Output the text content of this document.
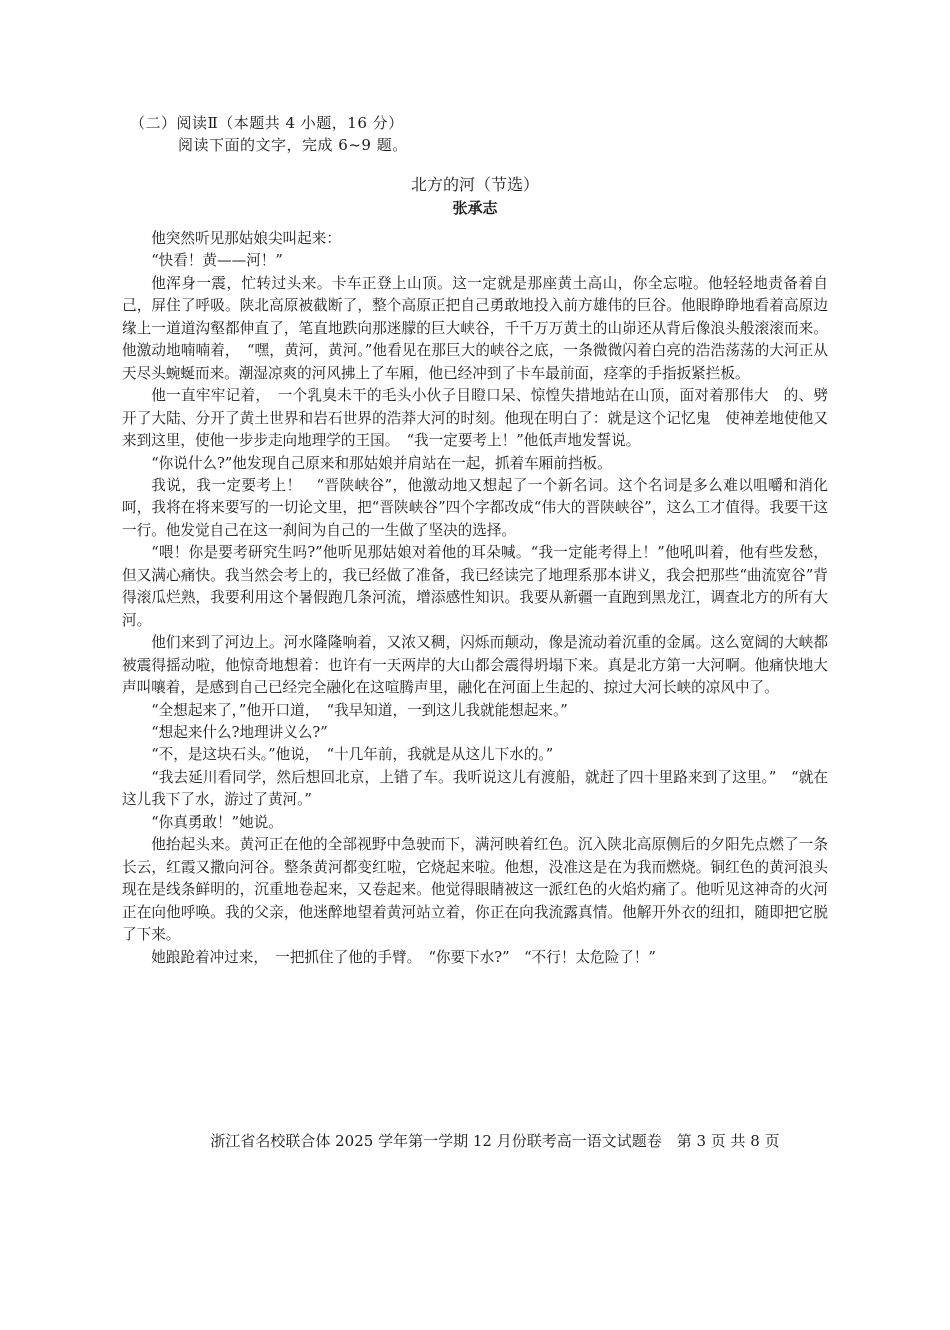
（二）阅读Ⅱ（本题共 4 小题，16 分）
阅读下面的文字，完成 6~9 题。
北方的河（节选）
张承志

他突然听见那姑娘尖叫起来：

“快看！黄——河！”

他浑身一震，忙转过头来。卡车正登上山顶。这一定就是那座黄土高山，你全忘啦。他轻轻地责备着自己，屏住了呼吸。陕北高原被截断了，整个高原正把自己勇敢地投入前方雄伟的巨谷。他眼睁睁地看着高原边缘上一道道沟壑都伸直了，笔直地跌向那迷朦的巨大峡谷，千千万万黄土的山峁还从背后像浪头般滚滚而来。他激动地喃喃着，　“嘿，黄河，黄河。”他看见在那巨大的峡谷之底，一条微微闪着白亮的浩浩荡荡的大河正从天尽头蜿蜒而来。潮湿凉爽的河风拂上了车厢，他已经冲到了卡车最前面，痉挛的手指扳紧拦板。

他一直牢牢记着，　一个乳臭未干的毛头小伙子目瞪口呆、惊惶失措地站在山顶，面对着那伟大　的、劈开了大陆、分开了黄土世界和岩石世界的浩莽大河的时刻。他现在明白了：就是这个记忆鬼　使神差地使他又来到这里，使他一步步走向地理学的王国。　“我一定要考上！”他低声地发誓说。

“你说什么?”他发现自己原来和那姑娘并肩站在一起，抓着车厢前挡板。

我说，我一定要考上！　“晋陕峡谷”，他激动地又想起了一个新名词。这个名词是多么难以咀嚼和消化呵，我将在将来要写的一切论文里，把“晋陕峡谷”四个字都改成“伟大的晋陕峡谷”，这么工才值得。我要干这一行。他发觉自己在这一刹间为自己的一生做了坚决的选择。

“喂！你是要考研究生吗?”他听见那姑娘对着他的耳朵喊。“我一定能考得上！”他吼叫着，他有些发愁，但又满心痛快。我当然会考上的，我已经做了准备，我已经读完了地理系那本讲义，我会把那些“曲流宽谷”背得滚瓜烂熟，我要利用这个暑假跑几条河流，增添感性知识。我要从新疆一直跑到黑龙江，调查北方的所有大河。

他们来到了河边上。河水隆隆响着，又浓又稠，闪烁而颠动，像是流动着沉重的金属。这么宽阔的大峡都被震得摇动啦，他惊奇地想着：也许有一天两岸的大山都会震得坍塌下来。真是北方第一大河啊。他痛快地大声叫嚷着，是感到自己已经完全融化在这喧腾声里，融化在河面上生起的、掠过大河长峡的凉风中了。

“全想起来了，”他开口道，　“我早知道，一到这儿我就能想起来。”

“想起来什么?地理讲义么?”

“不，是这块石头。”他说，　“十几年前，我就是从这儿下水的。”

“我去延川看同学，然后想回北京，上错了车。我听说这儿有渡船，就赶了四十里路来到了这里。”　“就在这儿我下了水，游过了黄河。”

“你真勇敢！”她说。

他抬起头来。黄河正在他的全部视野中急驶而下，满河映着红色。沉入陕北高原侧后的夕阳先点燃了一条长云，红霞又撒向河谷。整条黄河都变红啦，它烧起来啦。他想，没准这是在为我而燃烧。铜红色的黄河浪头现在是线条鲜明的，沉重地卷起来，又卷起来。他觉得眼睛被这一派红色的火焰灼痛了。他听见这神奇的火河正在向他呼唤。我的父亲，他迷醉地望着黄河站立着，你正在向我流露真情。他解开外衣的纽扣，随即把它脱了下来。

她踉跄着冲过来，　一把抓住了他的手臂。　“你要下水?”　“不行！太危险了！”

浙江省名校联合体 2025 学年第一学期 12 月份联考高一语文试题卷　第 3 页 共 8 页
